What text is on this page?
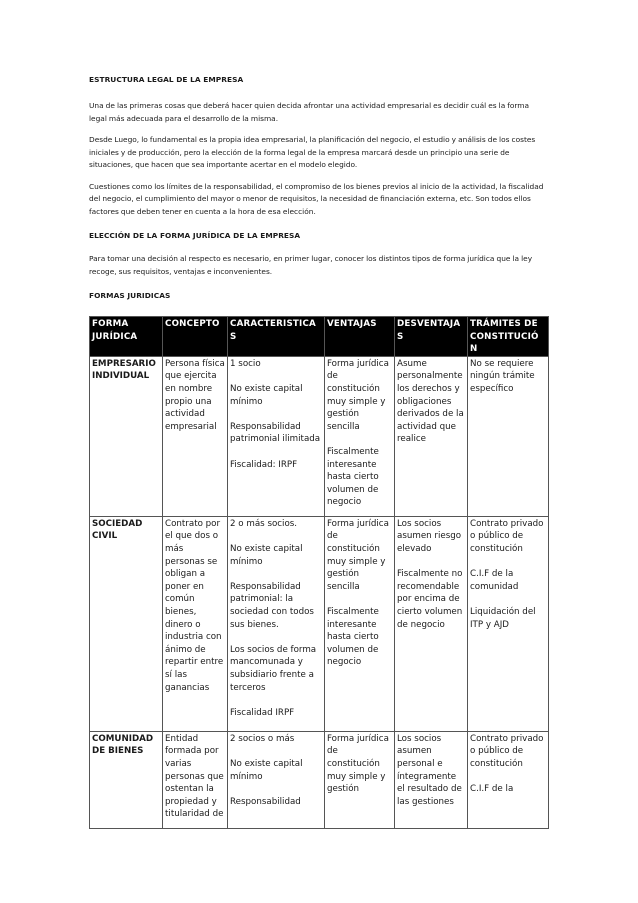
ESTRUCTURA LEGAL DE LA EMPRESA

Una de las primeras cosas que deberá hacer quien decida afrontar una actividad empresarial es decidir cuál es la forma legal más adecuada para el desarrollo de la misma.

Desde Luego, lo fundamental es la propia idea empresarial, la planificación del negocio, el estudio y análisis de los costes iniciales y de producción, pero la elección de la forma legal de la empresa marcará desde un principio una serie de situaciones, que hacen que sea importante acertar en el modelo elegido.

Cuestiones como los límites de la responsabilidad, el compromiso de los bienes previos al inicio de la actividad, la fiscalidad del negocio, el cumplimiento del mayor o menor de requisitos, la necesidad de financiación externa, etc. Son todos ellos factores que deben tener en cuenta a la hora de esa elección.

ELECCIÓN DE LA FORMA JURÍDICA DE LA EMPRESA

Para tomar una decisión al respecto es necesario, en primer lugar, conocer los distintos tipos de forma jurídica que la ley recoge, sus requisitos, ventajas e inconvenientes.

FORMAS JURIDICAS

FORMA JURÍDICA	CONCEPTO	CARACTERISTICAS	VENTAJAS	DESVENTAJAS	TRÁMITES DE CONSTITUCIÓN
EMPRESARIO INDIVIDUAL	Persona física que ejercita en nombre propio una actividad empresarial	1 socio
No existe capital mínimo
Responsabilidad patrimonial ilimitada
Fiscalidad: IRPF	Forma jurídica de constitución muy simple y gestión sencilla
Fiscalmente interesante hasta cierto volumen de negocio	Asume personalmente los derechos y obligaciones derivados de la actividad que realice	No se requiere ningún trámite específico

SOCIEDAD CIVIL	Contrato por el que dos o más personas se obligan a poner en común bienes, dinero o industria con ánimo de repartir entre sí las ganancias	2 o más socios.
No existe capital mínimo
Responsabilidad patrimonial: la sociedad con todos sus bienes.
Los socios de forma mancomunada y subsidiario frente a terceros
Fiscalidad IRPF	Forma jurídica de constitución muy simple y gestión sencilla
Fiscalmente interesante hasta cierto volumen de negocio	Los socios asumen riesgo elevado
Fiscalmente no recomendable por encima de cierto volumen de negocio	Contrato privado o público de constitución
C.I.F de la comunidad
Liquidación del ITP y AJD

COMUNIDAD DE BIENES	Entidad formada por varias personas que ostentan la propiedad y titularidad de	2 socios o más
No existe capital mínimo
Responsabilidad	Forma jurídica de constitución muy simple y gestión	Los socios asumen personal e íntegramente el resultado de las gestiones	Contrato privado o público de constitución
C.I.F de la
